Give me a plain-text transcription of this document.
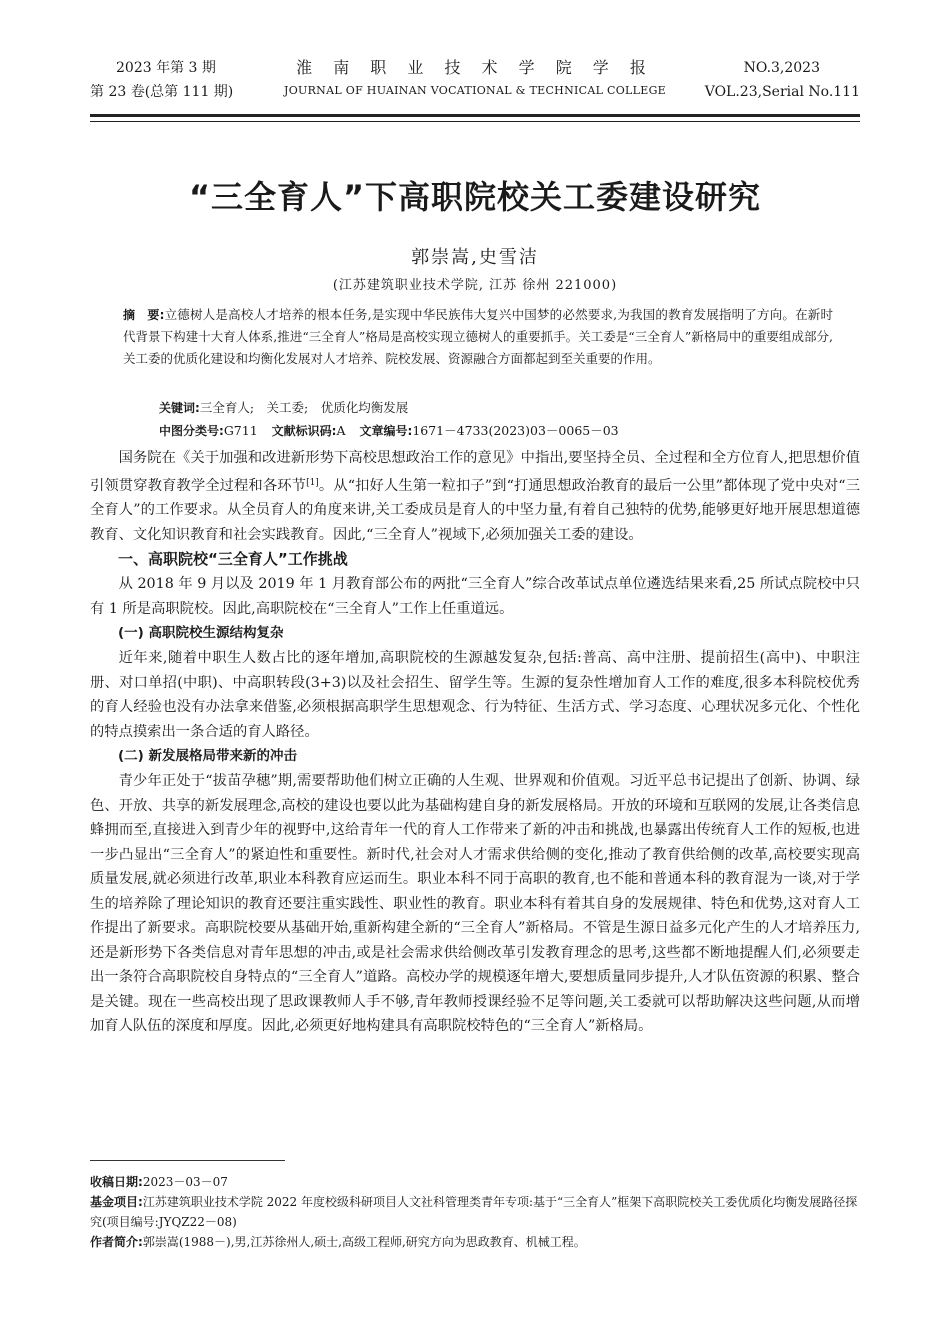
2023 年第 3 期
第 23 卷(总第 111 期)
淮 南 职 业 技 术 学 院 学 报
JOURNAL OF HUAINAN VOCATIONAL & TECHNICAL COLLEGE
NO.3,2023
VOL.23,Serial No.111
“三全育人”下高职院校关工委建设研究
郭崇嵩,史雪洁
(江苏建筑职业技术学院, 江苏 徐州 221000)
摘　要:立德树人是高校人才培养的根本任务,是实现中华民族伟大复兴中国梦的必然要求,为我国的教育发展指明了方向。在新时代背景下构建十大育人体系,推进“三全育人”格局是高校实现立德树人的重要抓手。关工委是“三全育人”新格局中的重要组成部分,关工委的优质化建设和均衡化发展对人才培养、院校发展、资源融合方面都起到至关重要的作用。
关键词:三全育人;　关工委;　优质化均衡发展
中图分类号:G711 文献标识码:A 文章编号:1671－4733(2023)03－0065－03

国务院在《关于加强和改进新形势下高校思想政治工作的意见》中指出,要坚持全员、全过程和全方位育人,把思想价值引领贯穿教育教学全过程和各环节[1]。从“扣好人生第一粒扣子”到“打通思想政治教育的最后一公里”都体现了党中央对“三全育人”的工作要求。从全员育人的角度来讲,关工委成员是育人的中坚力量,有着自己独特的优势,能够更好地开展思想道德教育、文化知识教育和社会实践教育。因此,“三全育人”视域下,必须加强关工委的建设。

一、高职院校“三全育人”工作挑战

从 2018 年 9 月以及 2019 年 1 月教育部公布的两批“三全育人”综合改革试点单位遴选结果来看,25 所试点院校中只有 1 所是高职院校。因此,高职院校在“三全育人”工作上任重道远。

(一) 高职院校生源结构复杂

近年来,随着中职生人数占比的逐年增加,高职院校的生源越发复杂,包括:普高、高中注册、提前招生(高中)、中职注册、对口单招(中职)、中高职转段(3+3)以及社会招生、留学生等。生源的复杂性增加育人工作的难度,很多本科院校优秀的育人经验也没有办法拿来借鉴,必须根据高职学生思想观念、行为特征、生活方式、学习态度、心理状况多元化、个性化的特点摸索出一条合适的育人路径。

(二) 新发展格局带来新的冲击

青少年正处于“拔苗孕穗”期,需要帮助他们树立正确的人生观、世界观和价值观。习近平总书记提出了创新、协调、绿色、开放、共享的新发展理念,高校的建设也要以此为基础构建自身的新发展格局。开放的环境和互联网的发展,让各类信息蜂拥而至,直接进入到青少年的视野中,这给青年一代的育人工作带来了新的冲击和挑战,也暴露出传统育人工作的短板,也进一步凸显出“三全育人”的紧迫性和重要性。新时代,社会对人才需求供给侧的变化,推动了教育供给侧的改革,高校要实现高质量发展,就必须进行改革,职业本科教育应运而生。职业本科不同于高职的教育,也不能和普通本科的教育混为一谈,对于学生的培养除了理论知识的教育还要注重实践性、职业性的教育。职业本科有着其自身的发展规律、特色和优势,这对育人工作提出了新要求。高职院校要从基础开始,重新构建全新的“三全育人”新格局。不管是生源日益多元化产生的人才培养压力,还是新形势下各类信息对青年思想的冲击,或是社会需求供给侧改革引发教育理念的思考,这些都不断地提醒人们,必须要走出一条符合高职院校自身特点的“三全育人”道路。高校办学的规模逐年增大,要想质量同步提升,人才队伍资源的积累、整合是关键。现在一些高校出现了思政课教师人手不够,青年教师授课经验不足等问题,关工委就可以帮助解决这些问题,从而增加育人队伍的深度和厚度。因此,必须更好地构建具有高职院校特色的“三全育人”新格局。

收稿日期:2023－03－07
基金项目:江苏建筑职业技术学院 2022 年度校级科研项目人文社科管理类青年专项:基于“三全育人”框架下高职院校关工委优质化均衡发展路径探究(项目编号:JYQZ22－08)
作者简介:郭崇嵩(1988－),男,江苏徐州人,硕士,高级工程师,研究方向为思政教育、机械工程。
